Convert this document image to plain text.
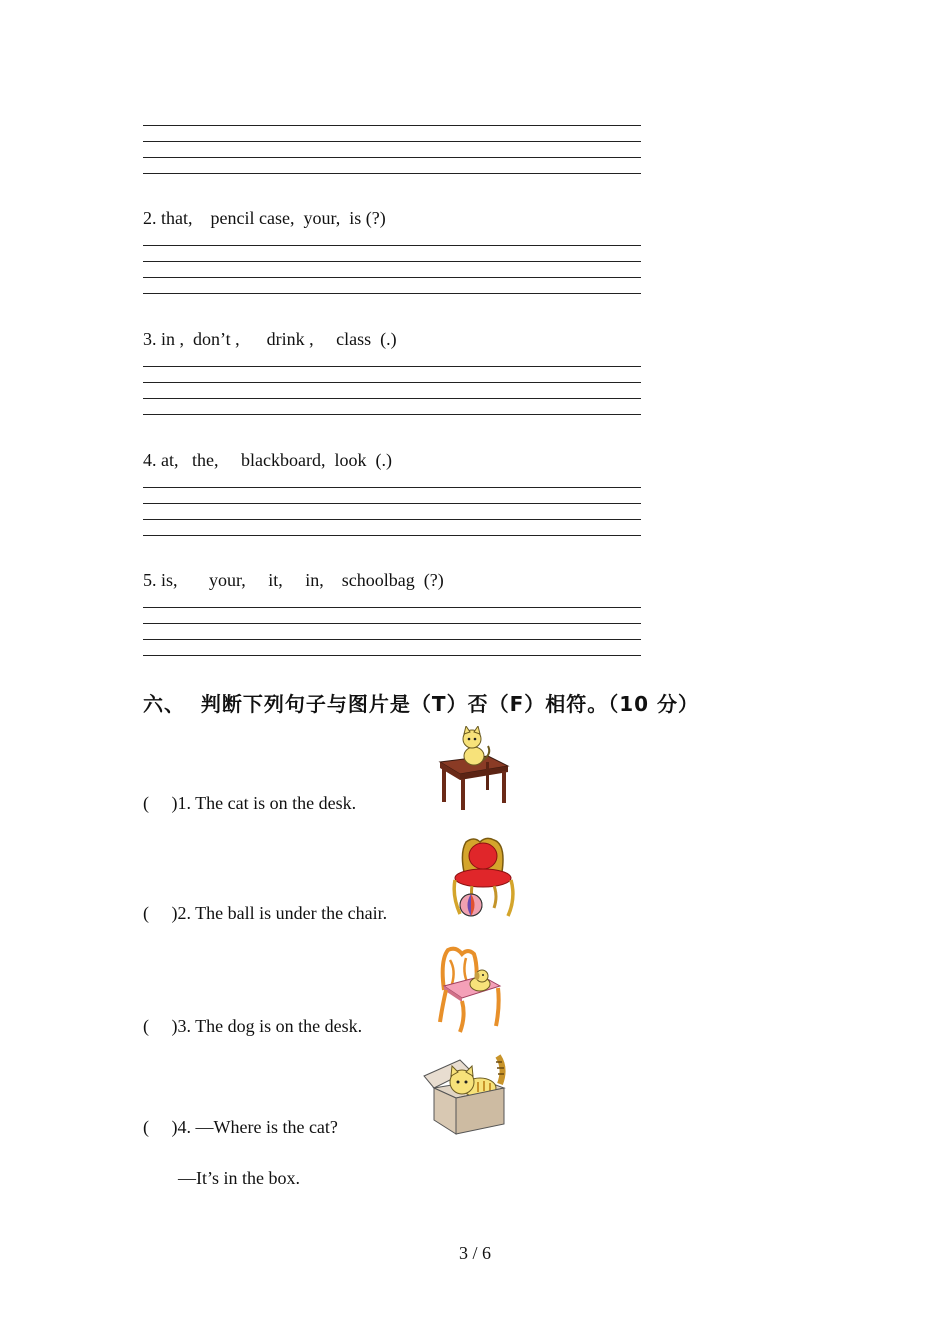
2. that,    pencil case,  your,  is (?)
3. in ,  don’t ,      drink ,     class  (.)
4. at,   the,     blackboard,  look  (.)
5. is,       your,     it,     in,    schoolbag  (?)
六、  判断下列句子与图片是（T）否（F）相符。（10 分）
(     )1. The cat is on the desk.
(     )2. The ball is under the chair.
(     )3. The dog is on the desk.
(     )4. —Where is the cat?
—It’s in the box.
3 / 6
